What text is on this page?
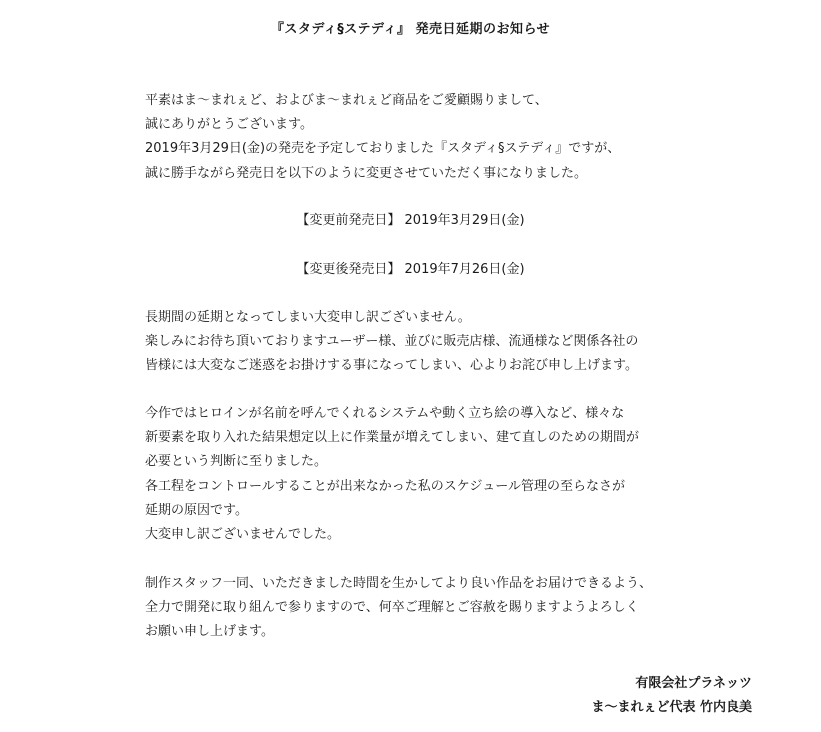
『スタディ§ステディ』 発売日延期のお知らせ

平素はま～まれぇど、およびま～まれぇど商品をご愛顧賜りまして、
誠にありがとうございます。
2019年3月29日(金)の発売を予定しておりました『スタディ§ステディ』ですが、
誠に勝手ながら発売日を以下のように変更させていただく事になりました。

【変更前発売日】 2019年3月29日(金)
【変更後発売日】 2019年7月26日(金)

長期間の延期となってしまい大変申し訳ございません。
楽しみにお待ち頂いておりますユーザー様、並びに販売店様、流通様など関係各社の
皆様には大変なご迷惑をお掛けする事になってしまい、心よりお詫び申し上げます。

今作ではヒロインが名前を呼んでくれるシステムや動く立ち絵の導入など、様々な
新要素を取り入れた結果想定以上に作業量が増えてしまい、建て直しのための期間が
必要という判断に至りました。
各工程をコントロールすることが出来なかった私のスケジュール管理の至らなさが
延期の原因です。
大変申し訳ございませんでした。

制作スタッフ一同、いただきました時間を生かしてより良い作品をお届けできるよう、
全力で開発に取り組んで参りますので、何卒ご理解とご容赦を賜りますようよろしく
お願い申し上げます。

有限会社プラネッツ
ま～まれぇど代表 竹内良美
